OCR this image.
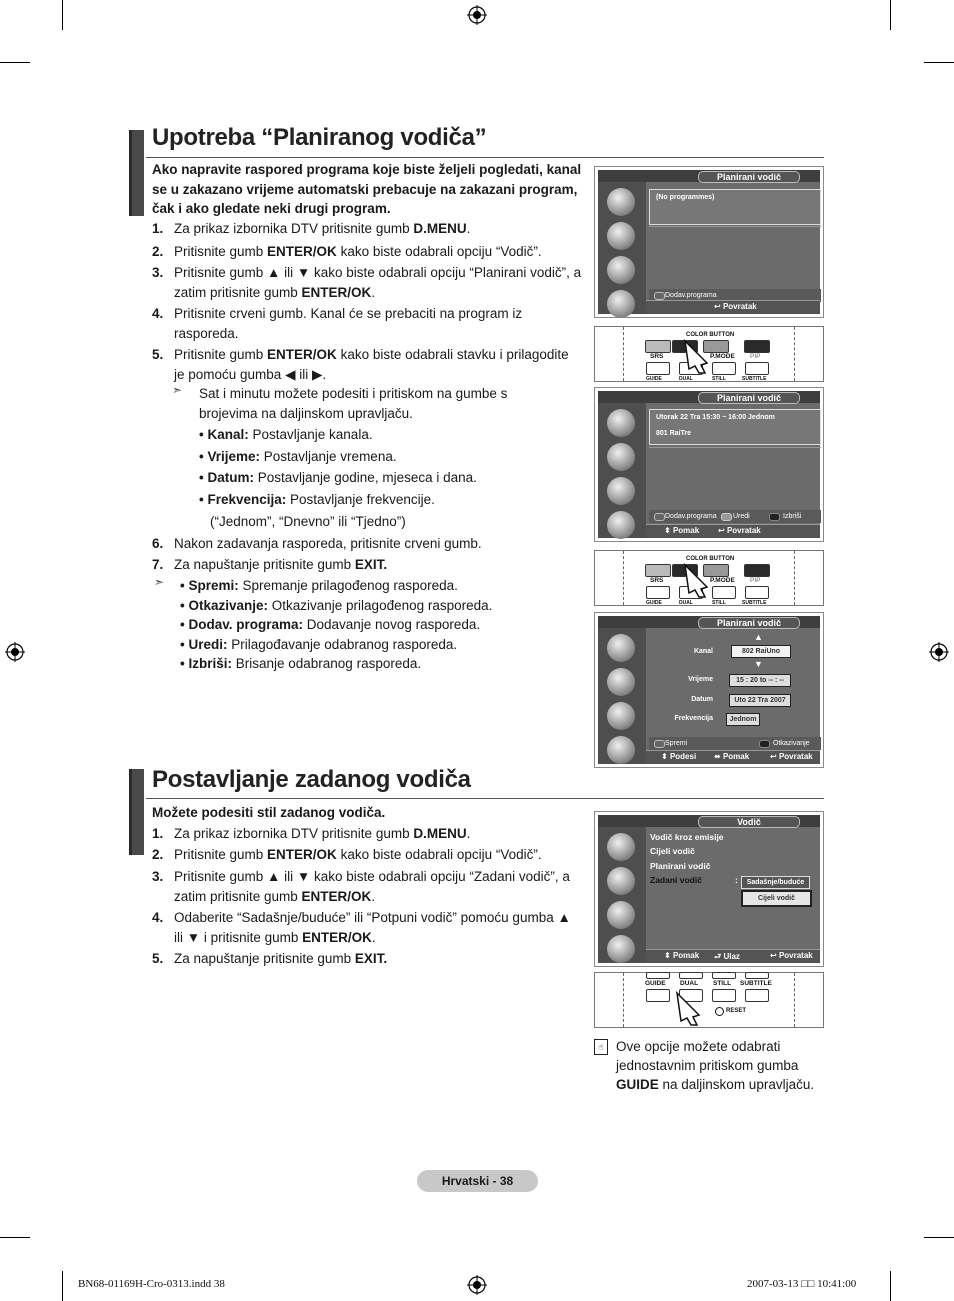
Upotreba “Planiranog vodiča”
Ako napravite raspored programa koje biste željeli pogledati, kanal se u zakazano vrijeme automatski prebacuje na zakazani program, čak i ako gledate neki drugi program.
1. Za prikaz izbornika DTV pritisnite gumb D.MENU.
2. Pritisnite gumb ENTER/OK kako biste odabrali opciju “Vodič”.
3. Pritisnite gumb ▲ ili ▼ kako biste odabrali opciju “Planirani vodič”, a zatim pritisnite gumb ENTER/OK.
4. Pritisnite crveni gumb. Kanal će se prebaciti na program iz rasporeda.
5. Pritisnite gumb ENTER/OK kako biste odabrali stavku i prilagodite je pomoću gumba ◀ ili ▶.
➣ Sat i minutu možete podesiti i pritiskom na gumbe s brojevima na daljinskom upravljaču.
• Kanal: Postavljanje kanala.
• Vrijeme: Postavljanje vremena.
• Datum: Postavljanje godine, mjeseca i dana.
• Frekvencija: Postavljanje frekvencije.
(“Jednom”, “Dnevno” ili “Tjedno”)
6. Nakon zadavanja rasporeda, pritisnite crveni gumb.
7. Za napuštanje pritisnite gumb EXIT.
➣ • Spremi: Spremanje prilagođenog rasporeda.
• Otkazivanje: Otkazivanje prilagođenog rasporeda.
• Dodav. programa: Dodavanje novog rasporeda.
• Uredi: Prilagođavanje odabranog rasporeda.
• Izbriši: Brisanje odabranog rasporeda.
Planirani vodič
(No programmes)
Dodav.programa
↩ Povratak
COLOR BUTTON
SRS	P.MODE PIP
GUIDE	DUAL	STILL	SUBTITLE
Planirani vodič
Utorak 22 Tra 15:30 ~ 16:00 Jednom
801 RaiTre
Dodav.programa Uredi	Izbriši
⬍ Pomak ↩ Povratak
COLOR BUTTON
SRS	P.MODE PIP
GUIDE	DUAL	STILL	SUBTITLE
Planirani vodič
▲
Kanal	802 RaiUno
▼
Vrijeme	15 : 20 to -- : --
Datum	Uto 22 Tra 2007
Frekvencija	Jednom
Spremi	Otkazivanje
⬍ Podesi ⬌ Pomak	↩ Povratak
Postavljanje zadanog vodiča
Možete podesiti stil zadanog vodiča.
1. Za prikaz izbornika DTV pritisnite gumb D.MENU.
2. Pritisnite gumb ENTER/OK kako biste odabrali opciju “Vodič”.
3. Pritisnite gumb ▲ ili ▼ kako biste odabrali opciju “Zadani vodič”, a zatim pritisnite gumb ENTER/OK.
4. Odaberite “Sadašnje/buduće” ili “Potpuni vodič” pomoću gumba ▲ ili ▼ i pritisnite gumb ENTER/OK.
5. Za napuštanje pritisnite gumb EXIT.
Vodič
Vodič kroz emisije
Cijeli vodič
Planirani vodič
Zadani vodič	:	Sadašnje/buduće
Cijeli vodič
⬍ Pomak ⮐ Ulaz	↩ Povratak
GUIDE DUAL STILL SUBTITLE
RESET
☝ Ove opcije možete odabrati jednostavnim pritiskom gumba GUIDE na daljinskom upravljaču.
Hrvatski - 38
BN68-01169H-Cro-0313.indd 38	2007-03-13 □□ 10:41:00
